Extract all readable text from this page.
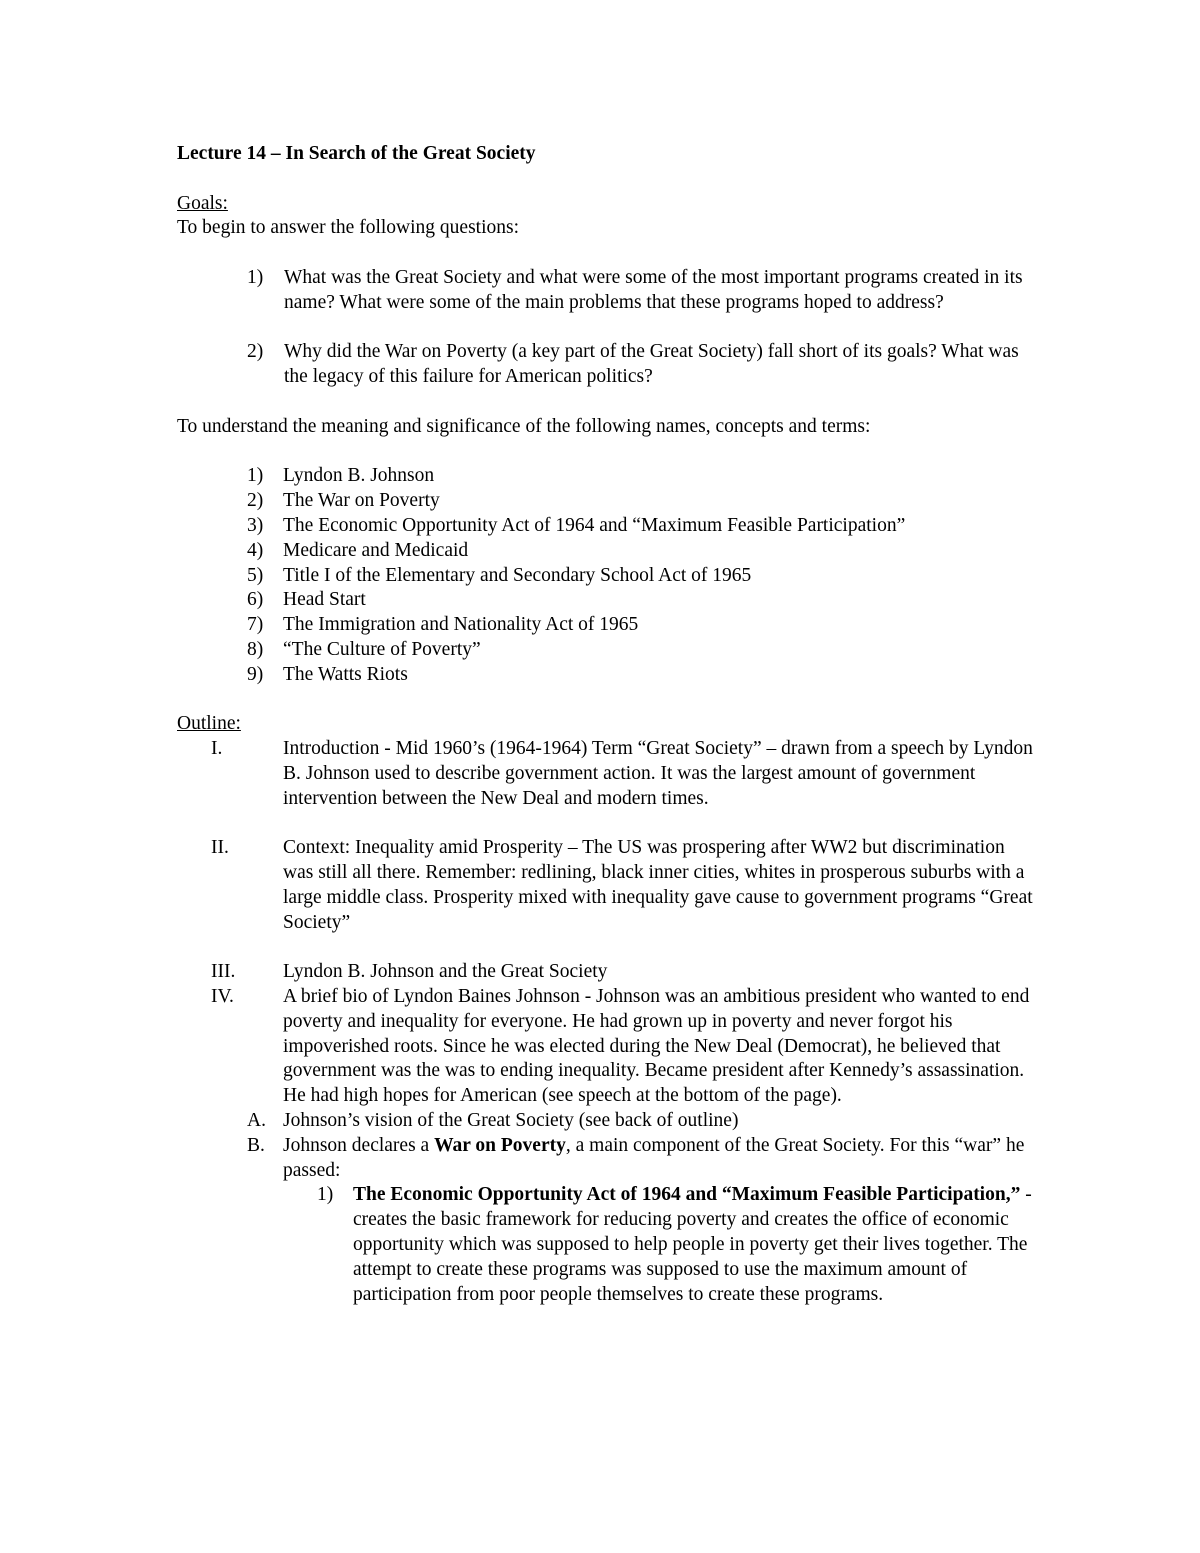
Lecture 14 – In Search of the Great Society

Goals:

To begin to answer the following questions:

1)	What was the Great Society and what were some of the most important programs created in its name? What were some of the main problems that these programs hoped to address?
2)	Why did the War on Poverty (a key part of the Great Society) fall short of its goals? What was the legacy of this failure for American politics?

To understand the meaning and significance of the following names, concepts and terms:

1)	Lyndon B. Johnson
2)	The War on Poverty
3)	The Economic Opportunity Act of 1964 and “Maximum Feasible Participation”
4)	Medicare and Medicaid
5)	Title I of the Elementary and Secondary School Act of 1965
6)	Head Start
7)	The Immigration and Nationality Act of 1965
8)	“The Culture of Poverty”
9)	The Watts Riots

Outline:

I.	Introduction - Mid 1960’s (1964-1964) Term “Great Society” – drawn from a speech by Lyndon B. Johnson used to describe government action. It was the largest amount of government intervention between the New Deal and modern times.
II.	Context: Inequality amid Prosperity – The US was prospering after WW2 but discrimination was still all there. Remember: redlining, black inner cities, whites in prosperous suburbs with a large middle class. Prosperity mixed with inequality gave cause to government programs “Great Society”
III.	Lyndon B. Johnson and the Great Society
IV.	A brief bio of Lyndon Baines Johnson - Johnson was an ambitious president who wanted to end poverty and inequality for everyone. He had grown up in poverty and never forgot his impoverished roots. Since he was elected during the New Deal (Democrat), he believed that government was the was to ending inequality. Became president after Kennedy’s assassination. He had high hopes for American (see speech at the bottom of the page).
A. Johnson’s vision of the Great Society (see back of outline)
B. Johnson declares a War on Poverty, a main component of the Great Society. For this “war” he passed:
1)	The Economic Opportunity Act of 1964 and “Maximum Feasible Participation,” - creates the basic framework for reducing poverty and creates the office of economic opportunity which was supposed to help people in poverty get their lives together. The attempt to create these programs was supposed to use the maximum amount of participation from poor people themselves to create these programs.
